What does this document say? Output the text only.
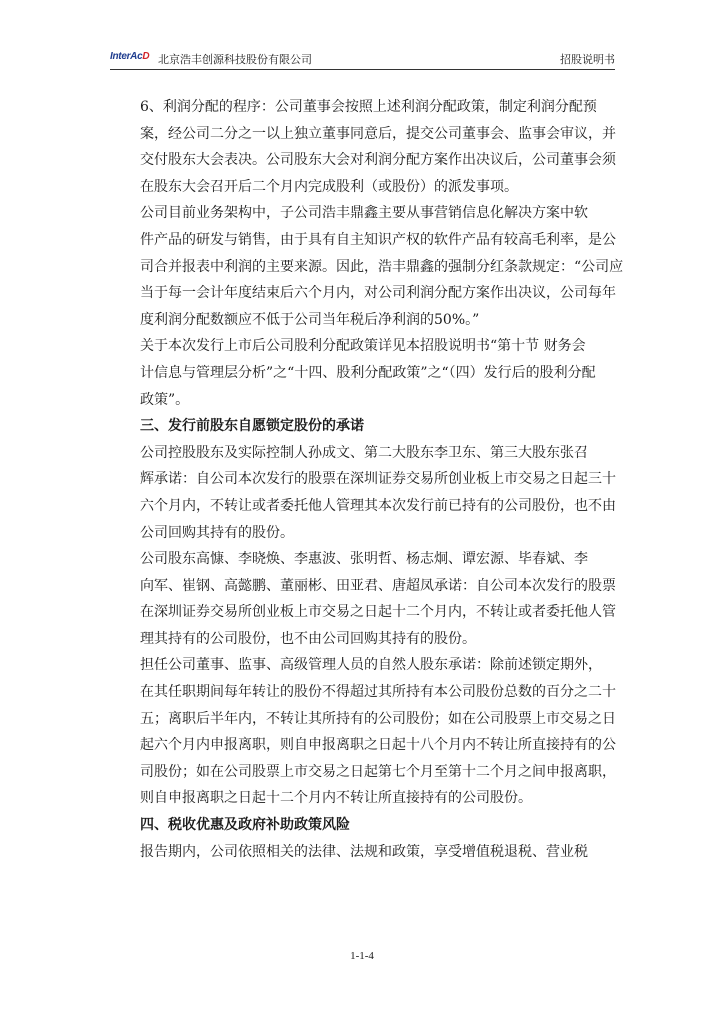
InterAcD 北京浩丰创源科技股份有限公司	招股说明书

6、利润分配的程序：公司董事会按照上述利润分配政策，制定利润分配预
案，经公司二分之一以上独立董事同意后，提交公司董事会、监事会审议，并
交付股东大会表决。公司股东大会对利润分配方案作出决议后，公司董事会须
在股东大会召开后二个月内完成股利（或股份）的派发事项。

公司目前业务架构中，子公司浩丰鼎鑫主要从事营销信息化解决方案中软
件产品的研发与销售，由于具有自主知识产权的软件产品有较高毛利率，是公
司合并报表中利润的主要来源。因此，浩丰鼎鑫的强制分红条款规定：“公司应
当于每一会计年度结束后六个月内，对公司利润分配方案作出决议，公司每年
度利润分配数额应不低于公司当年税后净利润的50%。”

关于本次发行上市后公司股利分配政策详见本招股说明书“第十节 财务会
计信息与管理层分析”之“十四、股利分配政策”之“（四）发行后的股利分配
政策”。

三、发行前股东自愿锁定股份的承诺

公司控股股东及实际控制人孙成文、第二大股东李卫东、第三大股东张召
辉承诺：自公司本次发行的股票在深圳证券交易所创业板上市交易之日起三十
六个月内，不转让或者委托他人管理其本次发行前已持有的公司股份，也不由
公司回购其持有的股份。

公司股东高慷、李晓焕、李惠波、张明哲、杨志炯、谭宏源、毕春斌、李
向军、崔钢、高懿鹏、董丽彬、田亚君、唐超凤承诺：自公司本次发行的股票
在深圳证券交易所创业板上市交易之日起十二个月内，不转让或者委托他人管
理其持有的公司股份，也不由公司回购其持有的股份。

担任公司董事、监事、高级管理人员的自然人股东承诺：除前述锁定期外，
在其任职期间每年转让的股份不得超过其所持有本公司股份总数的百分之二十
五；离职后半年内，不转让其所持有的公司股份；如在公司股票上市交易之日
起六个月内申报离职，则自申报离职之日起十八个月内不转让所直接持有的公
司股份；如在公司股票上市交易之日起第七个月至第十二个月之间申报离职，
则自申报离职之日起十二个月内不转让所直接持有的公司股份。

四、税收优惠及政府补助政策风险

报告期内，公司依照相关的法律、法规和政策，享受增值税退税、营业税

1-1-4
